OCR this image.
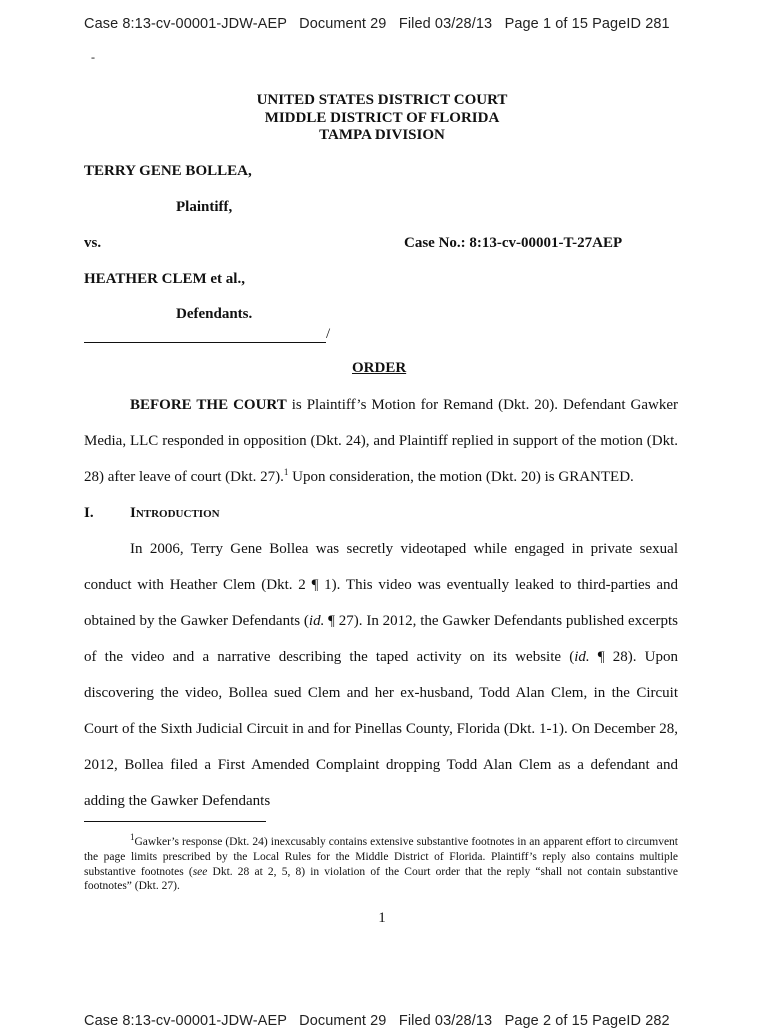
Case 8:13-cv-00001-JDW-AEP Document 29 Filed 03/28/13 Page 1 of 15 PageID 281
-
UNITED STATES DISTRICT COURT
MIDDLE DISTRICT OF FLORIDA
TAMPA DIVISION
TERRY GENE BOLLEA,
Plaintiff,
vs.	Case No.: 8:13-cv-00001-T-27AEP
HEATHER CLEM et al.,
Defendants.
/
ORDER

BEFORE THE COURT is Plaintiff’s Motion for Remand (Dkt. 20). Defendant Gawker Media, LLC responded in opposition (Dkt. 24), and Plaintiff replied in support of the motion (Dkt. 28) after leave of court (Dkt. 27).$^1$ Upon consideration, the motion (Dkt. 20) is GRANTED.

I. Introduction

In 2006, Terry Gene Bollea was secretly videotaped while engaged in private sexual conduct with Heather Clem (Dkt. 2 ¶ 1). This video was eventually leaked to third-parties and obtained by the Gawker Defendants (id. ¶ 27). In 2012, the Gawker Defendants published excerpts of the video and a narrative describing the taped activity on its website (id. ¶ 28). Upon discovering the video, Bollea sued Clem and her ex-husband, Todd Alan Clem, in the Circuit Court of the Sixth Judicial Circuit in and for Pinellas County, Florida (Dkt. 1-1). On December 28, 2012, Bollea filed a First Amended Complaint dropping Todd Alan Clem as a defendant and adding the Gawker Defendants

$^1$Gawker’s response (Dkt. 24) inexcusably contains extensive substantive footnotes in an apparent effort to circumvent the page limits prescribed by the Local Rules for the Middle District of Florida. Plaintiff’s reply also contains multiple substantive footnotes (see Dkt. 28 at 2, 5, 8) in violation of the Court order that the reply “shall not contain substantive footnotes” (Dkt. 27).

1
Case 8:13-cv-00001-JDW-AEP Document 29 Filed 03/28/13 Page 2 of 15 PageID 282
